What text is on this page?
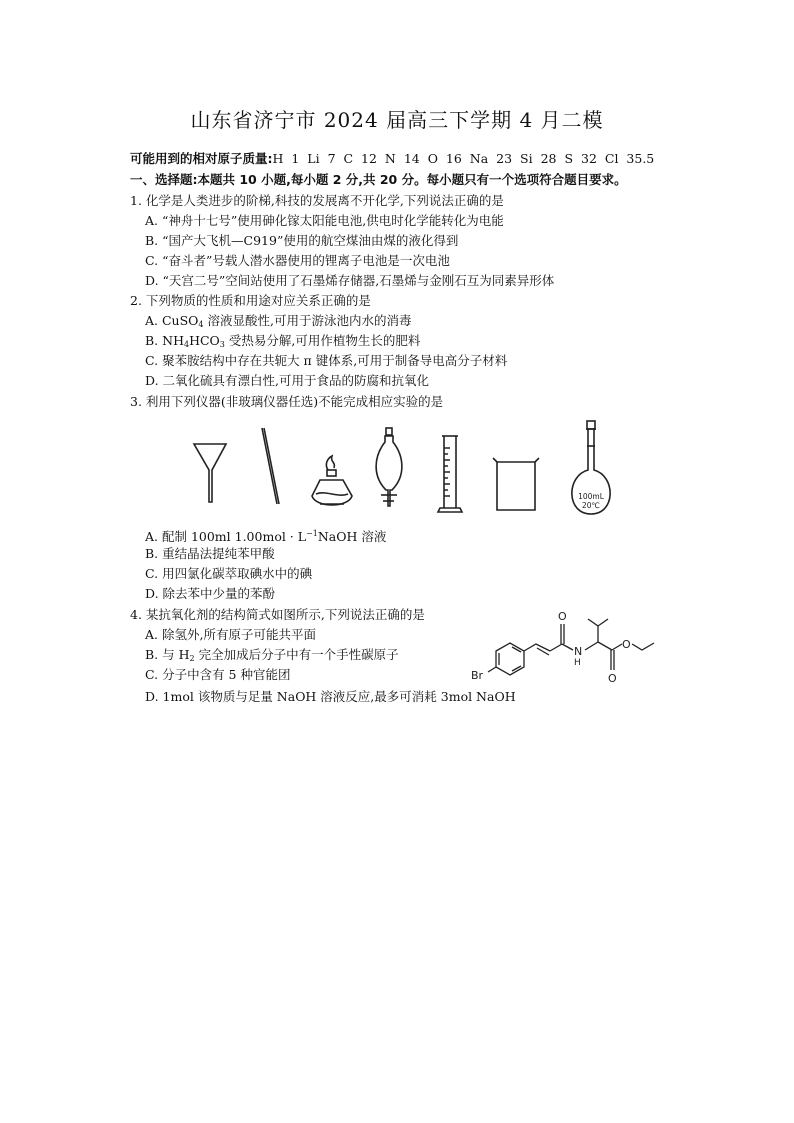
山东省济宁市 2024 届高三下学期 4 月二模
可能用到的相对原子质量:H 1 Li 7 C 12 N 14 O 16 Na 23 Si 28 S 32 Cl 35.5
一、选择题:本题共 10 小题,每小题 2 分,共 20 分。每小题只有一个选项符合题目要求。
1. 化学是人类进步的阶梯,科技的发展离不开化学,下列说法正确的是
A. “神舟十七号”使用砷化镓太阳能电池,供电时化学能转化为电能
B. “国产大飞机—C919”使用的航空煤油由煤的液化得到
C. “奋斗者”号载人潜水器使用的锂离子电池是一次电池
D. “天宫二号”空间站使用了石墨烯存储器,石墨烯与金刚石互为同素异形体
2. 下列物质的性质和用途对应关系正确的是
A. CuSO$_4$ 溶液显酸性,可用于游泳池内水的消毒
B. $NH_4HCO_3$ 受热易分解,可用作植物生长的肥料
C. 聚苯胺结构中存在共轭大 π 键体系,可用于制备导电高分子材料
D. 二氧化硫具有漂白性,可用于食品的防腐和抗氧化
3. 利用下列仪器(非玻璃仪器任选)不能完成相应实验的是
100mL
20℃
A. 配制 100ml $1.00mol \cdot L^{-1}NaOH$ 溶液
B. 重结晶法提纯苯甲酸
C. 用四氯化碳萃取碘水中的碘
D. 除去苯中少量的苯酚
4. 某抗氧化剂的结构简式如图所示,下列说法正确的是
A. 除氢外,所有原子可能共平面
B. 与 $H_2$ 完全加成后分子中有一个手性碳原子
C. 分子中含有 5 种官能团
D. 1mol 该物质与足量 NaOH 溶液反应,最多可消耗 3mol NaOH
Br
O
N
H
O
O
